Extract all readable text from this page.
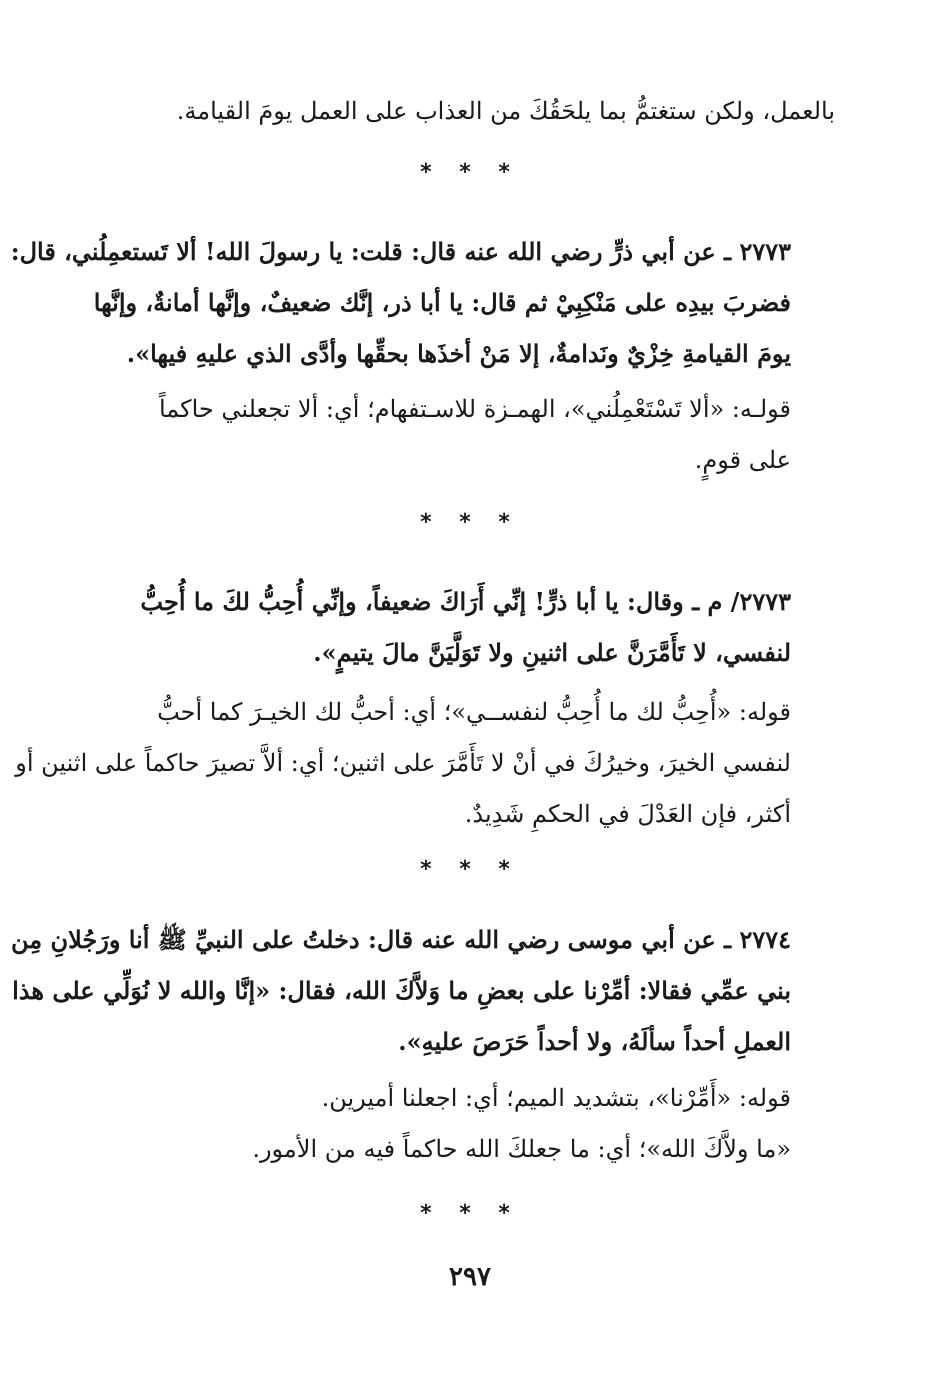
بالعمل، ولكن ستغتمُّ بما يلحَقُكَ من العذاب على العمل يومَ القيامة.
* * *
٢٧٧٣ ـ عن أبي ذرٍّ رضي الله عنه قال: قلت: يا رسولَ الله! ألا تَستعمِلُني، قال:
فضربَ بيدِه على مَنْكِبِيْ ثم قال: يا أبا ذر، إنَّك ضعيفٌ، وإنَّها أمانةٌ، وإنَّها
يومَ القيامةِ خِزْيٌ ونَدامةٌ، إلا مَنْ أخذَها بحقِّها وأدَّى الذي عليهِ فيها».
قولـه: «ألا تَسْتَعْمِلُني»، الهمـزة للاسـتفهام؛ أي: ألا تجعلني حاكماً
على قومٍ.
* * *
٢٧٧٣/ م ـ وقال: يا أبا ذرٍّ! إنِّي أَرَاكَ ضعيفاً، وإنِّي أُحِبُّ لكَ ما أُحِبُّ
لنفسي، لا تَأَمَّرَنَّ على اثنينِ ولا تَوَلَّيَنَّ مالَ يتيمٍ».
قوله: «أُحِبُّ لك ما أُحِبُّ لنفســي»؛ أي: أحبُّ لك الخيـرَ كما أحبُّ
لنفسي الخيرَ، وخيرُكَ في أنْ لا تَأَمَّرَ على اثنين؛ أي: ألاَّ تصيرَ حاكماً على اثنين أو
أكثر، فإن العَدْلَ في الحكمِ شَدِيدٌ.
* * *
٢٧٧٤ ـ عن أبي موسى رضي الله عنه قال: دخلتُ على النبيِّ ﷺ أنا ورَجُلانِ مِن
بني عمِّي فقالا: أمِّرْنا على بعضِ ما وَلاَّكَ الله، فقال: «إنَّا والله لا نُوَلِّي على هذا
العملِ أحداً سألَهُ، ولا أحداً حَرَصَ عليهِ».
قوله: «أَمِّرْنا»، بتشديد الميم؛ أي: اجعلنا أميرين.
«ما ولاَّكَ الله»؛ أي: ما جعلكَ الله حاكماً فيه من الأمور.
* * *
٢٩٧
